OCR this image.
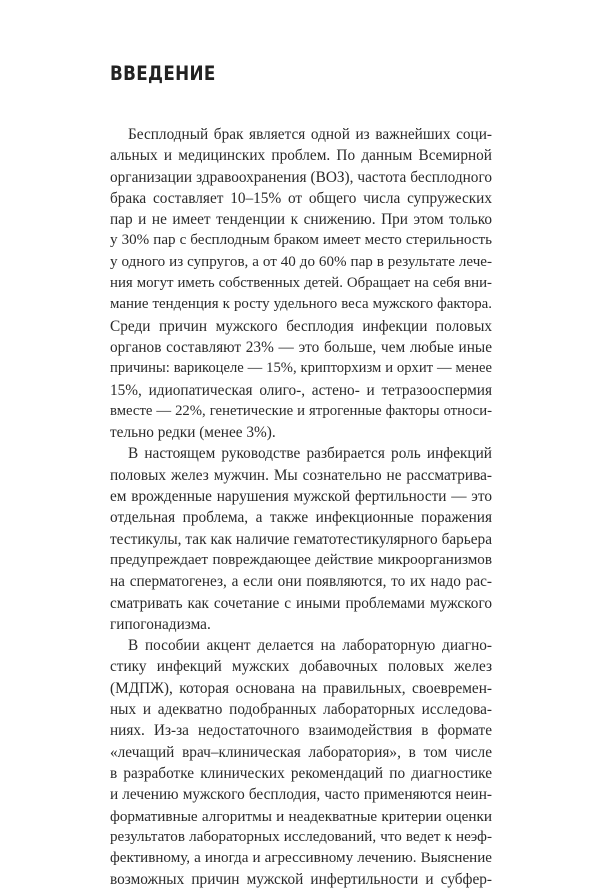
ВВЕДЕНИЕ
Бесплодный брак является одной из важнейших соци-
альных и медицинских проблем. По данным Всемирной
организации здравоохранения (ВОЗ), частота бесплодного
брака составляет 10–15% от общего числа супружеских
пар и не имеет тенденции к снижению. При этом только
у 30% пар с бесплодным браком имеет место стерильность
у одного из супругов, а от 40 до 60% пар в результате лече-
ния могут иметь собственных детей. Обращает на себя вни-
мание тенденция к росту удельного веса мужского фактора.
Среди причин мужского бесплодия инфекции половых
органов составляют 23% — это больше, чем любые иные
причины: варикоцеле — 15%, крипторхизм и орхит — менее
15%, идиопатическая олиго-, астено- и тетразооспермия
вместе — 22%, генетические и ятрогенные факторы относи-
тельно редки (менее 3%).
В настоящем руководстве разбирается роль инфекций
половых желез мужчин. Мы сознательно не рассматрива-
ем врожденные нарушения мужской фертильности — это
отдельная проблема, а также инфекционные поражения
тестикулы, так как наличие гематотестикулярного барьера
предупреждает повреждающее действие микроорганизмов
на сперматогенез, а если они появляются, то их надо рас-
сматривать как сочетание с иными проблемами мужского
гипогонадизма.
В пособии акцент делается на лабораторную диагно-
стику инфекций мужских добавочных половых желез
(МДПЖ), которая основана на правильных, своевремен-
ных и адекватно подобранных лабораторных исследова-
ниях. Из-за недостаточного взаимодействия в формате
«лечащий врач–клиническая лаборатория», в том числе
в разработке клинических рекомендаций по диагностике
и лечению мужского бесплодия, часто применяются неин-
формативные алгоритмы и неадекватные критерии оценки
результатов лабораторных исследований, что ведет к неэф-
фективному, а иногда и агрессивному лечению. Выяснение
возможных причин мужской инфертильности и субфер-
